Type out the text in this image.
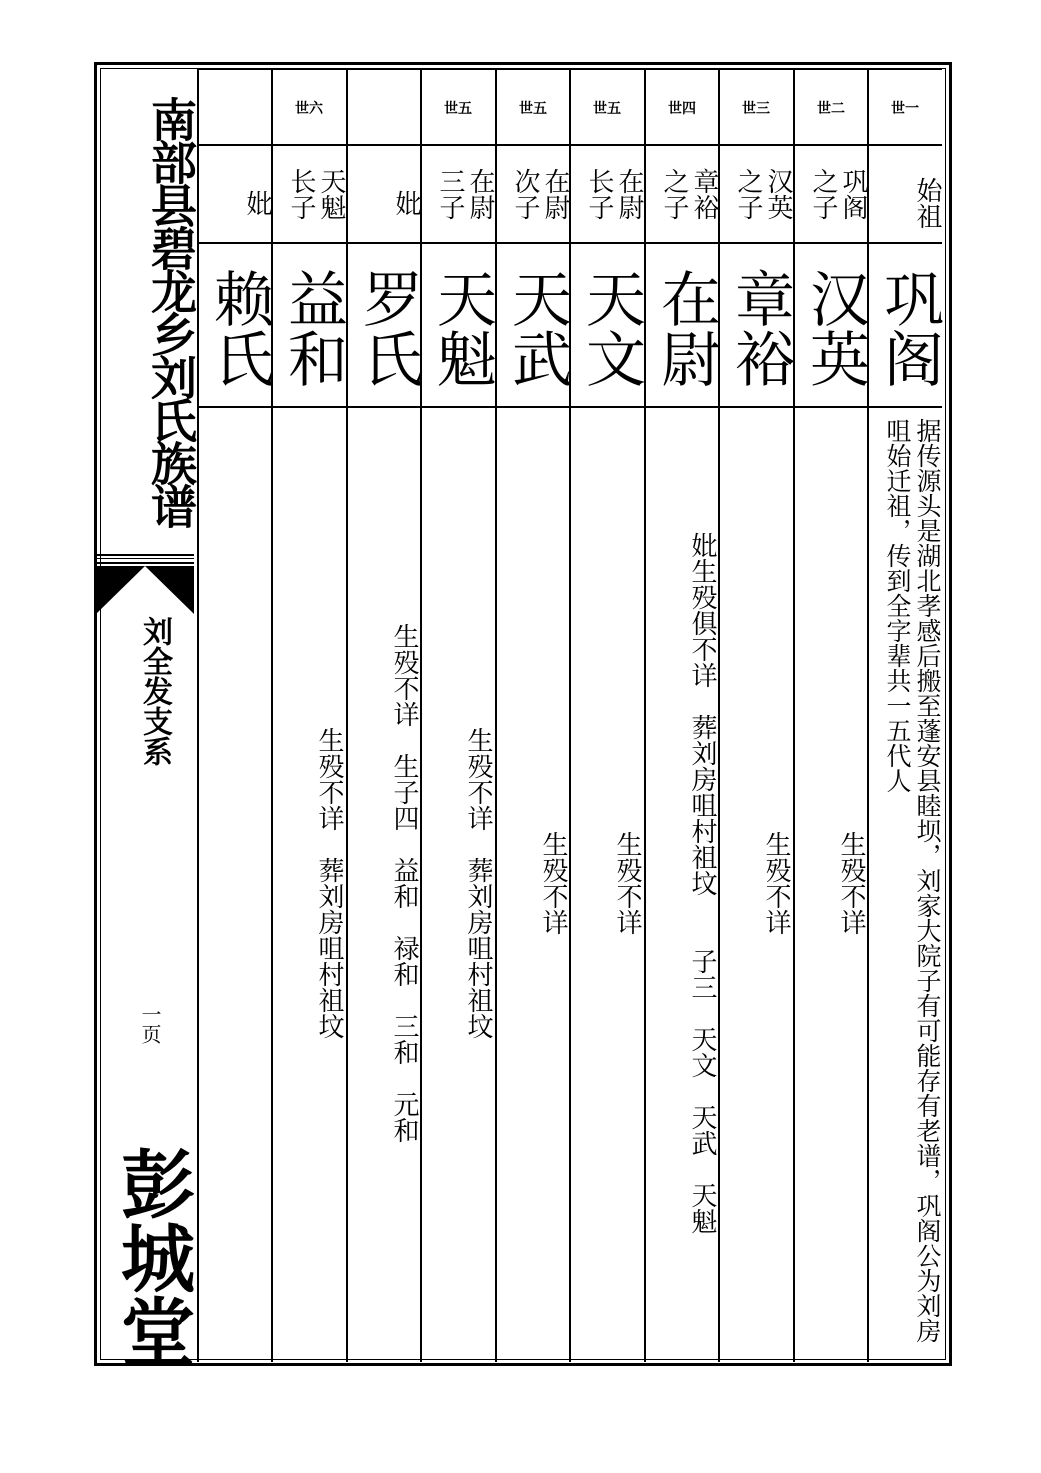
南部县碧龙乡刘氏族谱
刘全发支系
一页
彭城堂
世一
始祖
巩阁
据传源头是湖北孝感后搬至蓬安县睦坝，刘家大院子有可能存有老谱，巩阁公为刘房咀始迁祖，传到全字辈共一五代人
世二
巩阁之子
汉英
生殁不详
世三
汉英之子
章裕
生殁不详
世四
章裕之子
在尉
妣生殁俱不详　葬刘房咀村祖坟　　子三　天文　天武　天魁
世五
在尉长子
天文
生殁不详
世五
在尉次子
天武
生殁不详
世五
在尉三子
天魁
生殁不详　葬刘房咀村祖坟
妣
罗氏
生殁不详　生子四　益和　禄和　三和　元和
世六
天魁长子
益和
生殁不详　葬刘房咀村祖坟
妣
赖氏
